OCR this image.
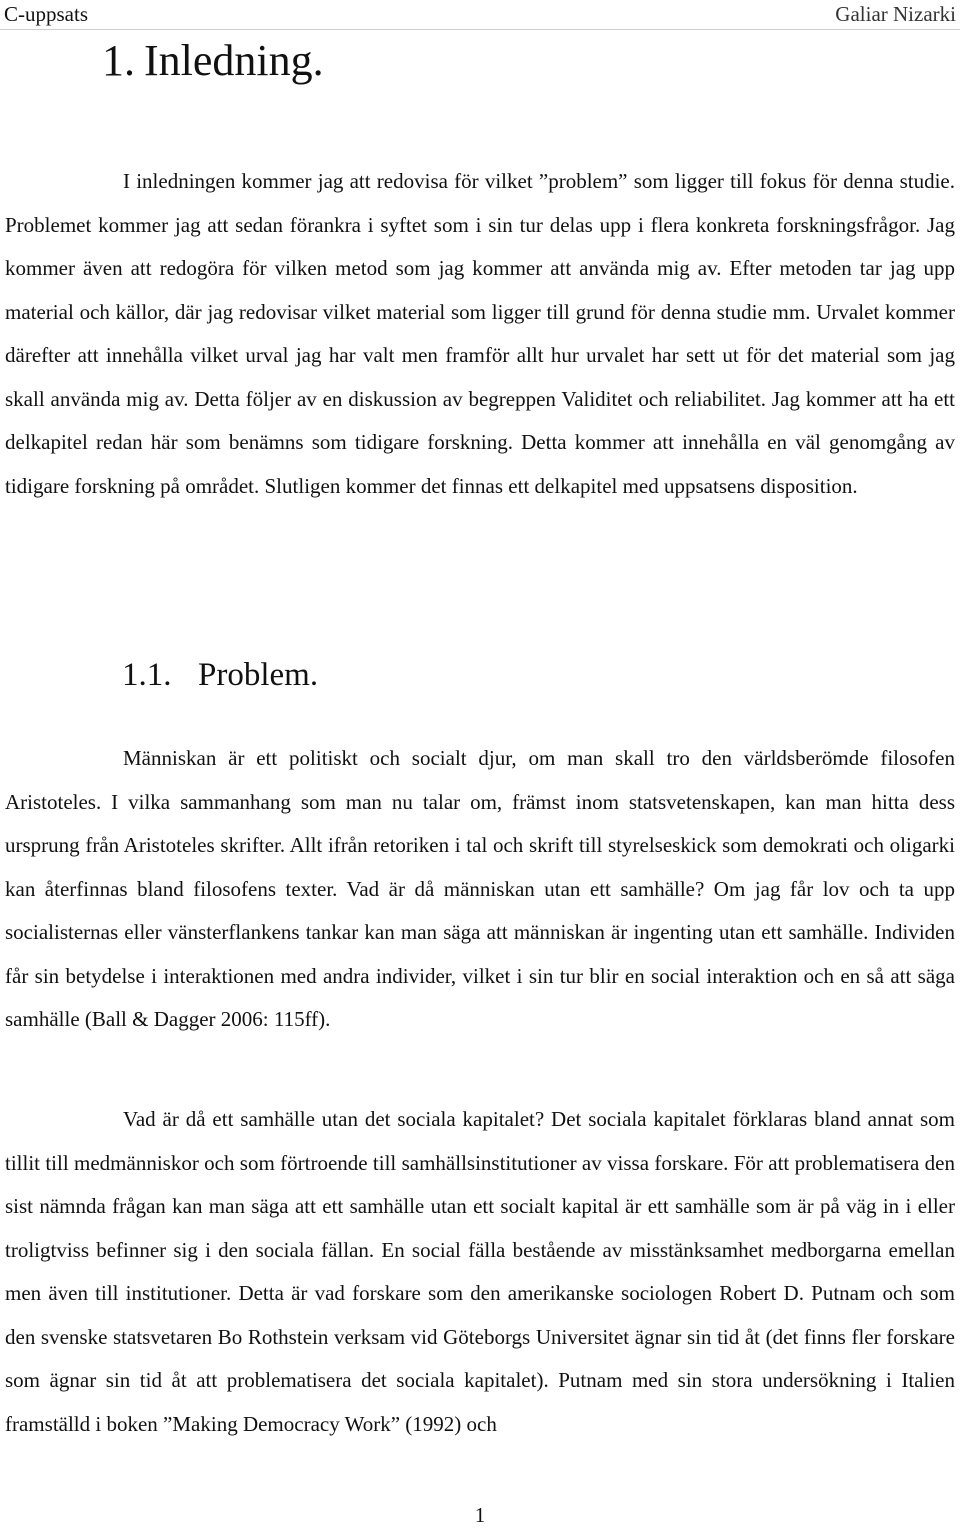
C-uppsats	Galiar Nizarki
1. Inledning.

I inledningen kommer jag att redovisa för vilket ”problem” som ligger till fokus för denna studie. Problemet kommer jag att sedan förankra i syftet som i sin tur delas upp i flera konkreta forskningsfrågor. Jag kommer även att redogöra för vilken metod som jag kommer att använda mig av. Efter metoden tar jag upp material och källor, där jag redovisar vilket material som ligger till grund för denna studie mm. Urvalet kommer därefter att innehålla vilket urval jag har valt men framför allt hur urvalet har sett ut för det material som jag skall använda mig av. Detta följer av en diskussion av begreppen Validitet och reliabilitet. Jag kommer att ha ett delkapitel redan här som benämns som tidigare forskning. Detta kommer att innehålla en väl genomgång av tidigare forskning på området. Slutligen kommer det finnas ett delkapitel med uppsatsens disposition.

1.1. Problem.

Människan är ett politiskt och socialt djur, om man skall tro den världsberömde filosofen Aristoteles. I vilka sammanhang som man nu talar om, främst inom statsvetenskapen, kan man hitta dess ursprung från Aristoteles skrifter. Allt ifrån retoriken i tal och skrift till styrelseskick som demokrati och oligarki kan återfinnas bland filosofens texter. Vad är då människan utan ett samhälle? Om jag får lov och ta upp socialisternas eller vänsterflankens tankar kan man säga att människan är ingenting utan ett samhälle. Individen får sin betydelse i interaktionen med andra individer, vilket i sin tur blir en social interaktion och en så att säga samhälle (Ball & Dagger 2006: 115ff).

Vad är då ett samhälle utan det sociala kapitalet? Det sociala kapitalet förklaras bland annat som tillit till medmänniskor och som förtroende till samhällsinstitutioner av vissa forskare. För att problematisera den sist nämnda frågan kan man säga att ett samhälle utan ett socialt kapital är ett samhälle som är på väg in i eller troligtviss befinner sig i den sociala fällan. En social fälla bestående av misstänksamhet medborgarna emellan men även till institutioner. Detta är vad forskare som den amerikanske sociologen Robert D. Putnam och som den svenske statsvetaren Bo Rothstein verksam vid Göteborgs Universitet ägnar sin tid åt (det finns fler forskare som ägnar sin tid åt att problematisera det sociala kapitalet). Putnam med sin stora undersökning i Italien framställd i boken ”Making Democracy Work” (1992) och

1
